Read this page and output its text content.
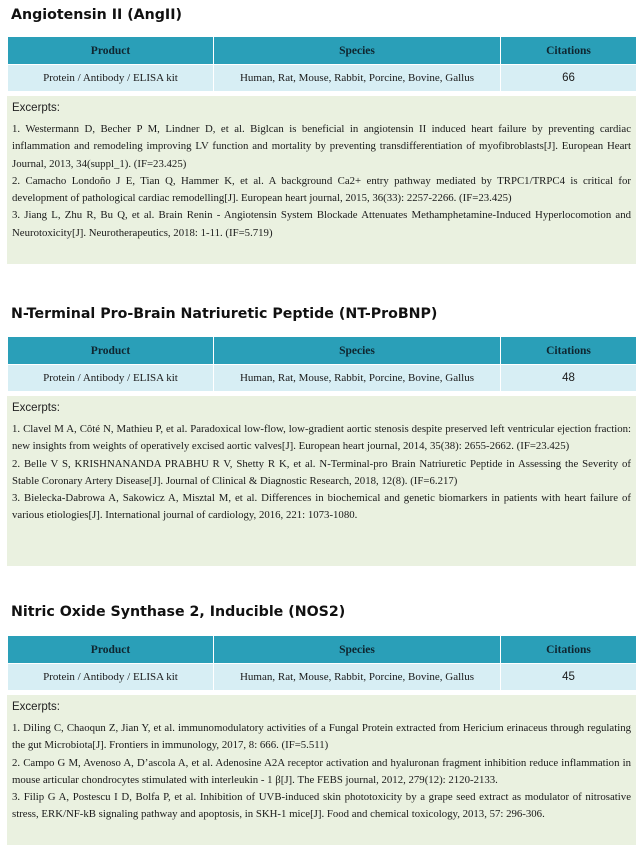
Angiotensin II (AngII)
Product	Species	Citations
Protein / Antibody / ELISA kit	Human, Rat, Mouse, Rabbit, Porcine, Bovine, Gallus	66
Excerpts:

1. Westermann D, Becher P M, Lindner D, et al. Biglcan is beneficial in angiotensin II induced heart failure by preventing cardiac inflammation and remodeling improving LV function and mortality by preventing transdifferentiation of myofibroblasts[J]. European Heart Journal, 2013, 34(suppl_1). (IF=23.425)

2. Camacho Londoño J E, Tian Q, Hammer K, et al. A background Ca2+ entry pathway mediated by TRPC1/TRPC4 is critical for development of pathological cardiac remodelling[J]. European heart journal, 2015, 36(33): 2257-2266. (IF=23.425)

3. Jiang L, Zhu R, Bu Q, et al. Brain Renin - Angiotensin System Blockade Attenuates Methamphetamine-Induced Hyperlocomotion and Neurotoxicity[J]. Neurotherapeutics, 2018: 1-11. (IF=5.719)

N-Terminal Pro-Brain Natriuretic Peptide (NT-ProBNP)
Product	Species	Citations
Protein / Antibody / ELISA kit	Human, Rat, Mouse, Rabbit, Porcine, Bovine, Gallus	48
Excerpts:

1. Clavel M A, Côté N, Mathieu P, et al. Paradoxical low-flow, low-gradient aortic stenosis despite preserved left ventricular ejection fraction: new insights from weights of operatively excised aortic valves[J]. European heart journal, 2014, 35(38): 2655-2662. (IF=23.425)

2. Belle V S, KRISHNANANDA PRABHU R V, Shetty R K, et al. N-Terminal-pro Brain Natriuretic Peptide in Assessing the Severity of Stable Coronary Artery Disease[J]. Journal of Clinical & Diagnostic Research, 2018, 12(8). (IF=6.217)

3. Bielecka-Dabrowa A, Sakowicz A, Misztal M, et al. Differences in biochemical and genetic biomarkers in patients with heart failure of various etiologies[J]. International journal of cardiology, 2016, 221: 1073-1080.

Nitric Oxide Synthase 2, Inducible (NOS2)
Product	Species	Citations
Protein / Antibody / ELISA kit	Human, Rat, Mouse, Rabbit, Porcine, Bovine, Gallus	45
Excerpts:

1. Diling C, Chaoqun Z, Jian Y, et al. immunomodulatory activities of a Fungal Protein extracted from Hericium erinaceus through regulating the gut Microbiota[J]. Frontiers in immunology, 2017, 8: 666. (IF=5.511)

2. Campo G M, Avenoso A, D’ascola A, et al. Adenosine A2A receptor activation and hyaluronan fragment inhibition reduce inflammation in mouse articular chondrocytes stimulated with interleukin - 1 β[J]. The FEBS journal, 2012, 279(12): 2120-2133.

3. Filip G A, Postescu I D, Bolfa P, et al. Inhibition of UVB-induced skin phototoxicity by a grape seed extract as modulator of nitrosative stress, ERK/NF-kB signaling pathway and apoptosis, in SKH-1 mice[J]. Food and chemical toxicology, 2013, 57: 296-306.
